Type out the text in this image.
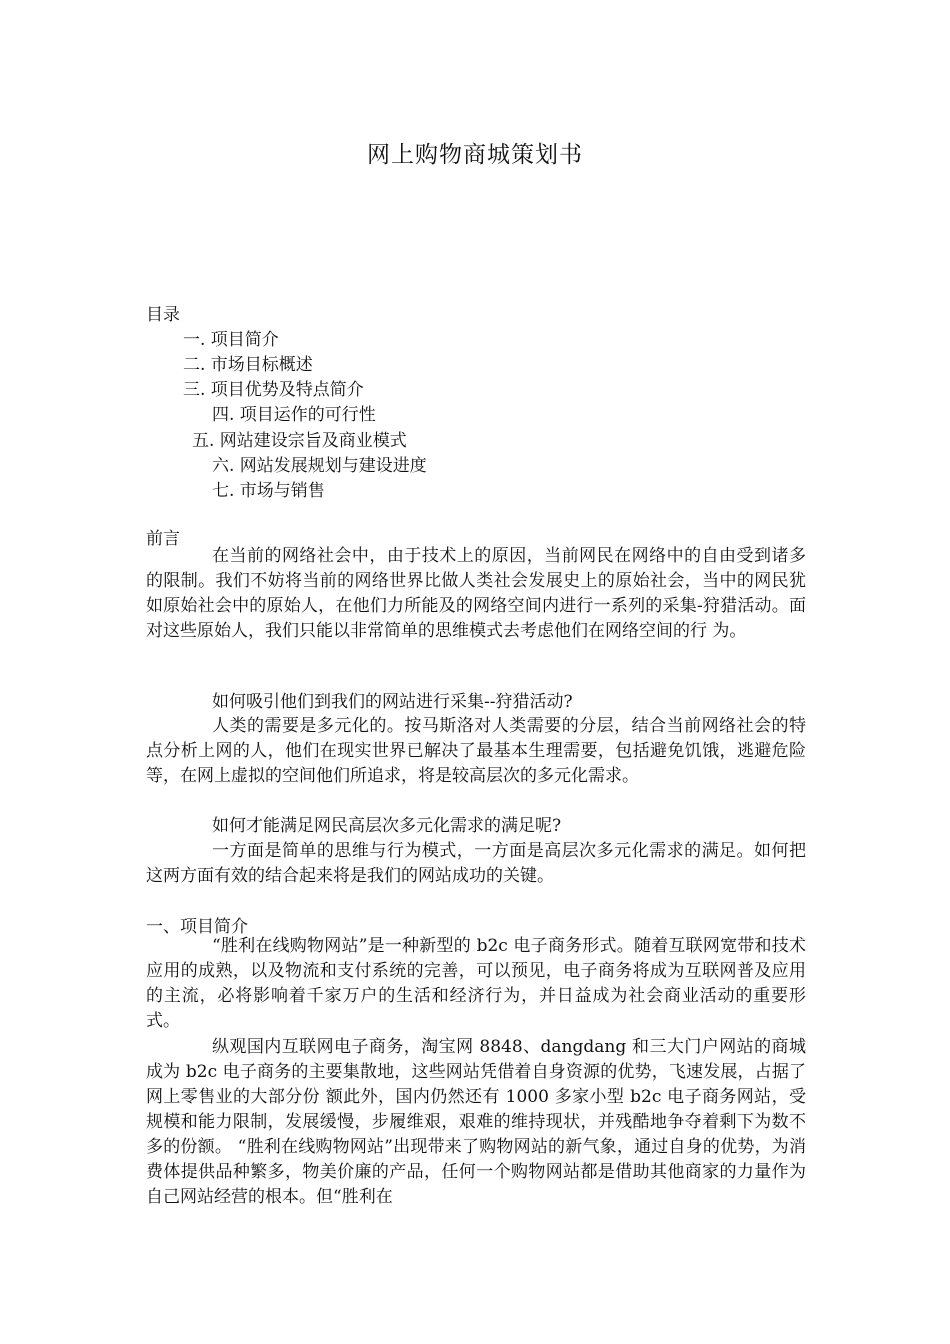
网上购物商城策划书
目录
一. 项目简介
二. 市场目标概述
三. 项目优势及特点简介
四. 项目运作的可行性
五. 网站建设宗旨及商业模式
六. 网站发展规划与建设进度
七. 市场与销售
前言

在当前的网络社会中，由于技术上的原因，当前网民在网络中的自由受到诸多的限制。我们不妨将当前的网络世界比做人类社会发展史上的原始社会，当中的网民犹 如原始社会中的原始人，在他们力所能及的网络空间内进行一系列的采集-狩猎活动。面对这些原始人，我们只能以非常简单的思维模式去考虑他们在网络空间的行 为。

如何吸引他们到我们的网站进行采集--狩猎活动?

人类的需要是多元化的。按马斯洛对人类需要的分层，结合当前网络社会的特点分析上网的人，他们在现实世界已解决了最基本生理需要，包括避免饥饿，逃避危险等，在网上虚拟的空间他们所追求，将是较高层次的多元化需求。

如何才能满足网民高层次多元化需求的满足呢?

一方面是简单的思维与行为模式，一方面是高层次多元化需求的满足。如何把这两方面有效的结合起来将是我们的网站成功的关键。

一、项目简介

“胜利在线购物网站”是一种新型的 b2c 电子商务形式。随着互联网宽带和技术应用的成熟，以及物流和支付系统的完善，可以预见，电子商务将成为互联网普及应用的主流，必将影响着千家万户的生活和经济行为，并日益成为社会商业活动的重要形式。

纵观国内互联网电子商务，淘宝网 8848、dangdang 和三大门户网站的商城成为 b2c 电子商务的主要集散地，这些网站凭借着自身资源的优势，飞速发展，占据了网上零售业的大部分份 额此外，国内仍然还有 1000 多家小型 b2c 电子商务网站，受规模和能力限制，发展缓慢，步履维艰，艰难的维持现状，并残酷地争夺着剩下为数不多的份额。 “胜利在线购物网站”出现带来了购物网站的新气象，通过自身的优势，为消费体提供品种繁多，物美价廉的产品，任何一个购物网站都是借助其他商家的力量作为 自己网站经营的根本。但“胜利在
